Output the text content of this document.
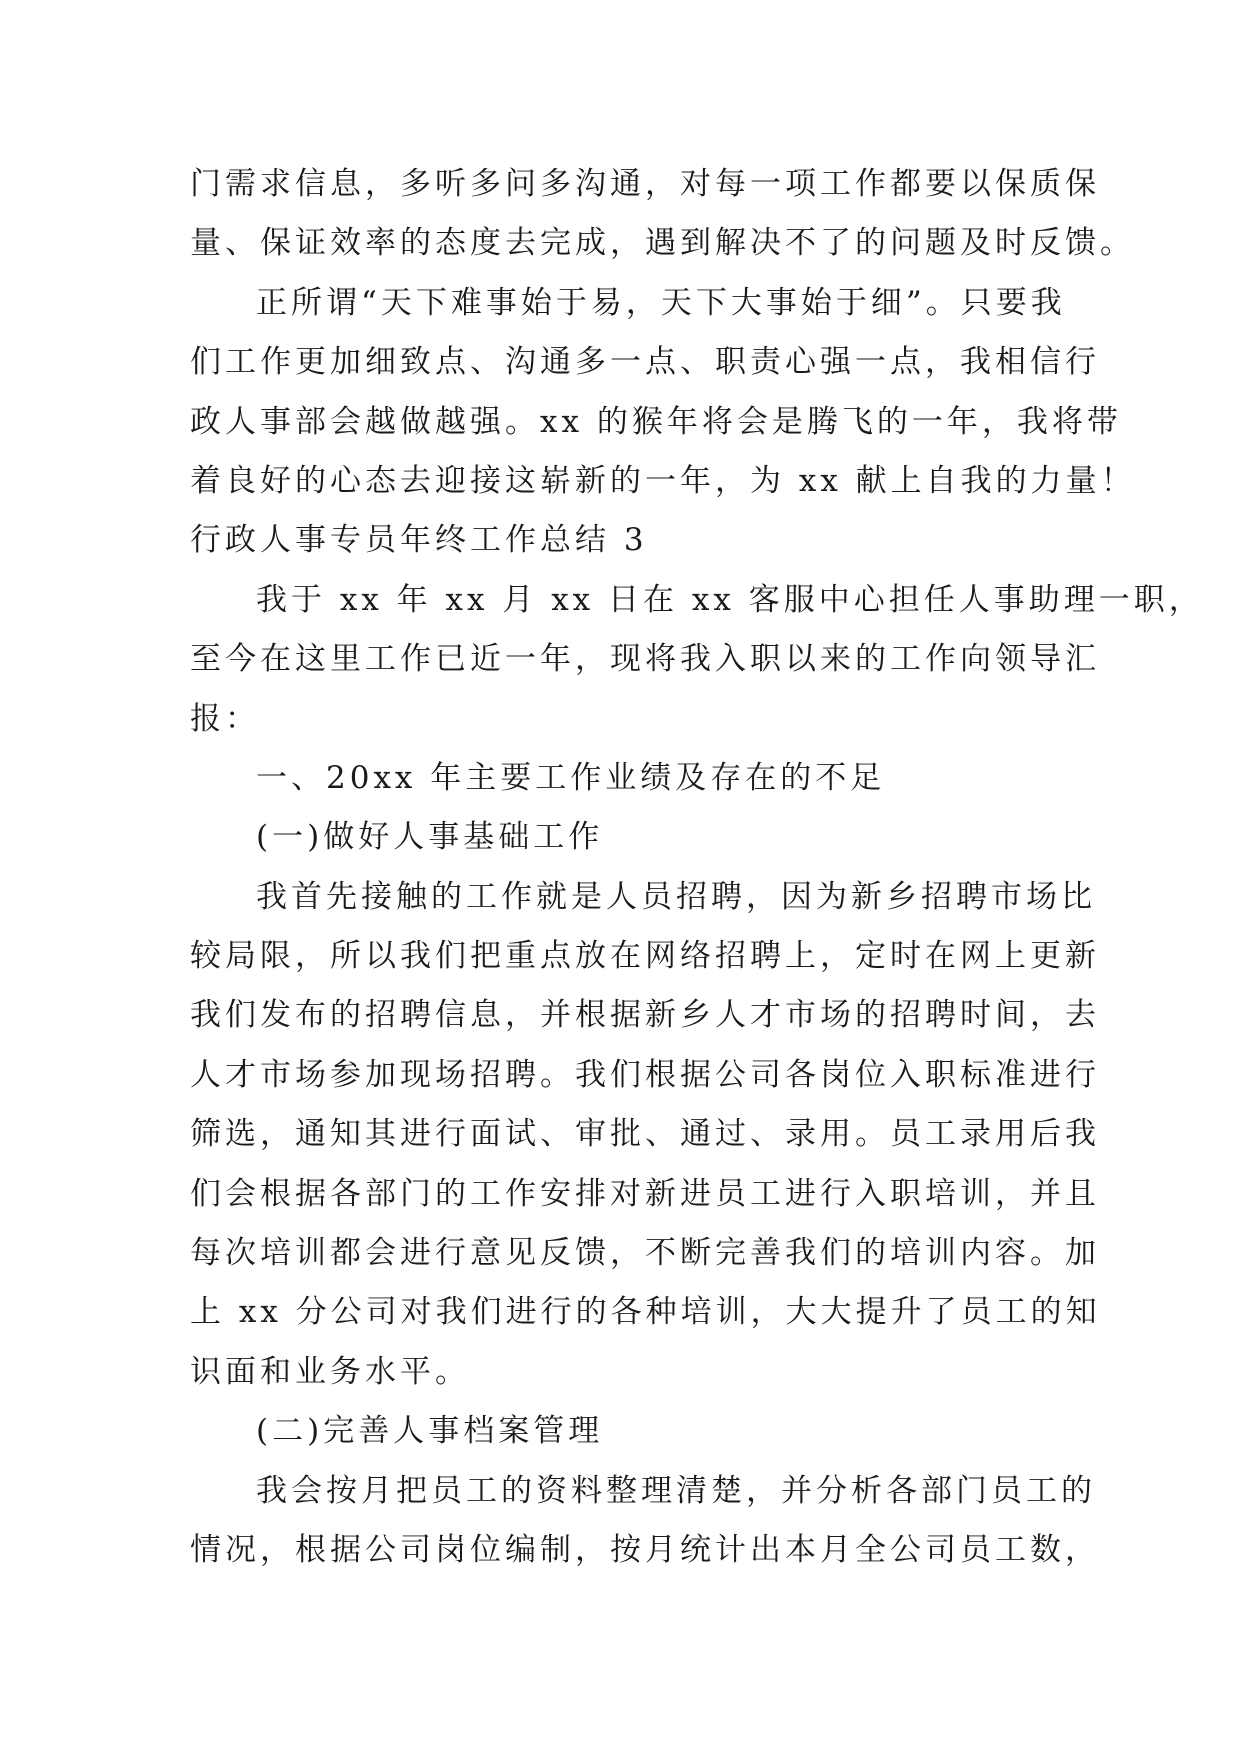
门需求信息，多听多问多沟通，对每一项工作都要以保质保
量、保证效率的态度去完成，遇到解决不了的问题及时反馈。
正所谓“天下难事始于易，天下大事始于细”。只要我
们工作更加细致点、沟通多一点、职责心强一点，我相信行
政人事部会越做越强。xx 的猴年将会是腾飞的一年，我将带
着良好的心态去迎接这崭新的一年，为 xx 献上自我的力量！
行政人事专员年终工作总结 3
我于 xx 年 xx 月 xx 日在 xx 客服中心担任人事助理一职，
至今在这里工作已近一年，现将我入职以来的工作向领导汇
报：
一、20xx 年主要工作业绩及存在的不足
(一)做好人事基础工作
我首先接触的工作就是人员招聘，因为新乡招聘市场比
较局限，所以我们把重点放在网络招聘上，定时在网上更新
我们发布的招聘信息，并根据新乡人才市场的招聘时间，去
人才市场参加现场招聘。我们根据公司各岗位入职标准进行
筛选，通知其进行面试、审批、通过、录用。员工录用后我
们会根据各部门的工作安排对新进员工进行入职培训，并且
每次培训都会进行意见反馈，不断完善我们的培训内容。加
上 xx 分公司对我们进行的各种培训，大大提升了员工的知
识面和业务水平。
(二)完善人事档案管理
我会按月把员工的资料整理清楚，并分析各部门员工的
情况，根据公司岗位编制，按月统计出本月全公司员工数，
